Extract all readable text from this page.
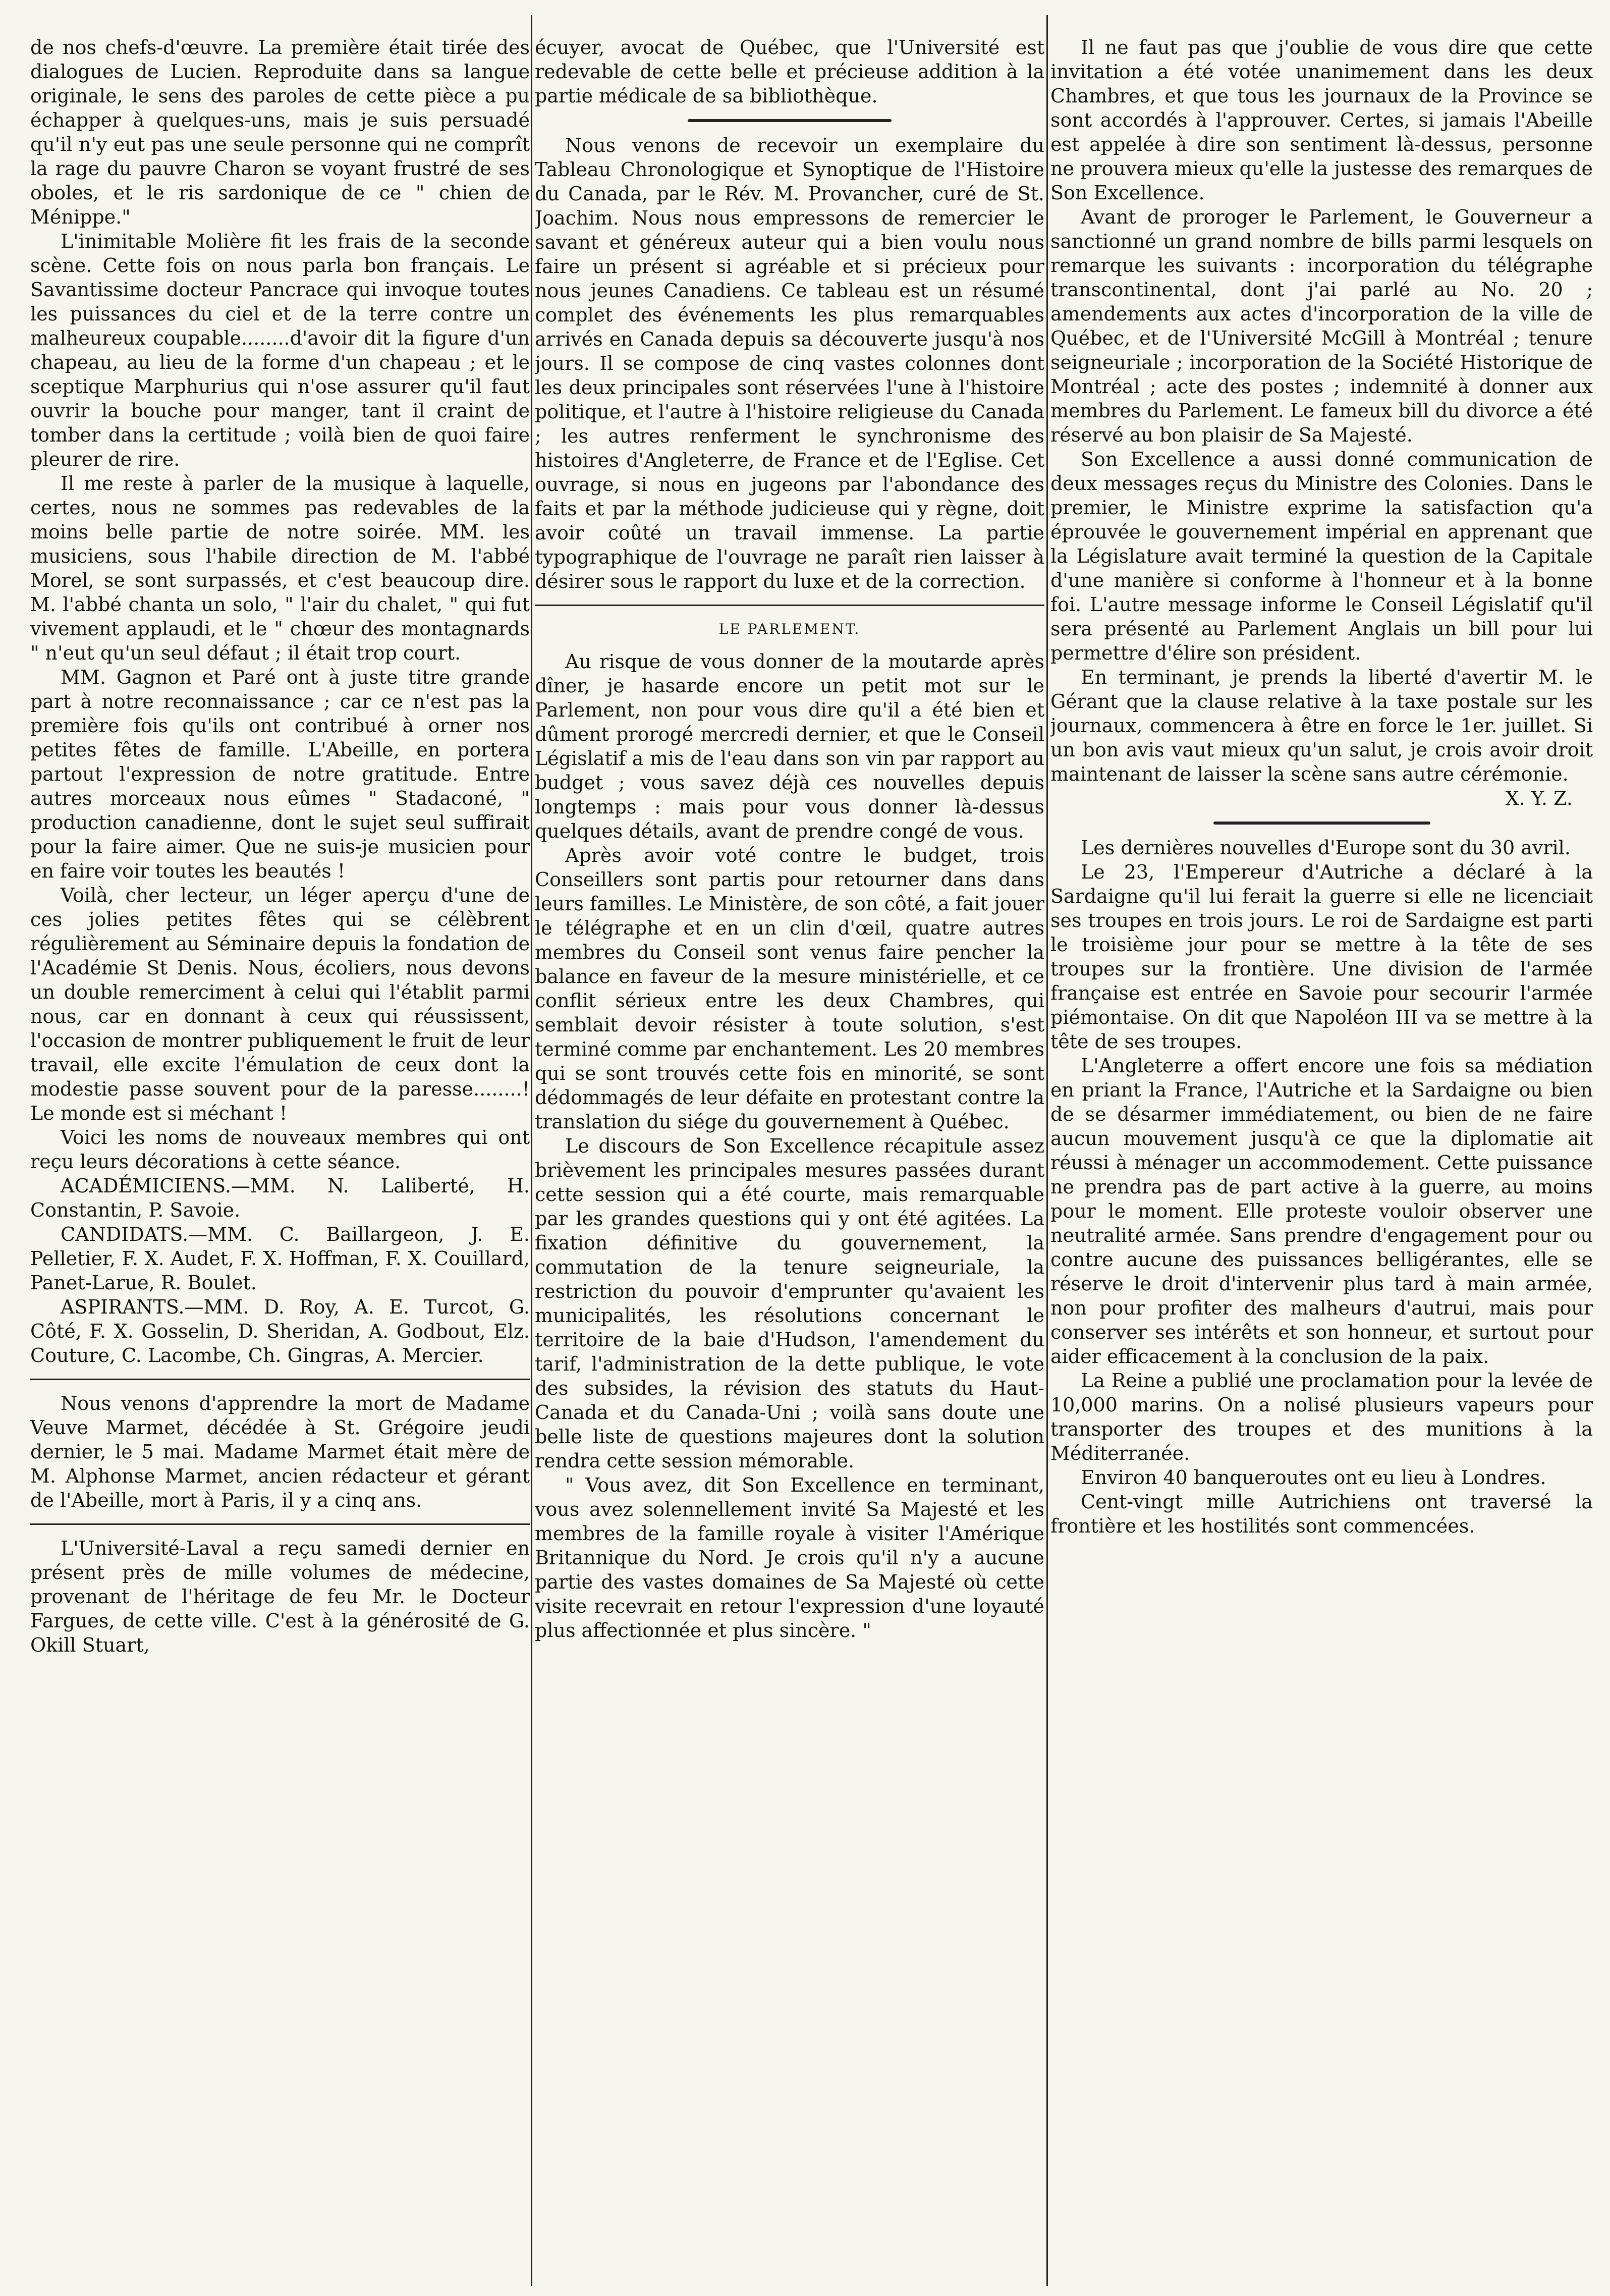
de nos chefs-d'œuvre. La première était tirée des dialogues de Lucien. Reproduite dans sa langue originale, le sens des paroles de cette pièce a pu échapper à quelques-uns, mais je suis persuadé qu'il n'y eut pas une seule personne qui ne comprît la rage du pauvre Charon se voyant frustré de ses oboles, et le ris sardonique de ce " chien de Ménippe."

L'inimitable Molière fit les frais de la seconde scène. Cette fois on nous parla bon français. Le Savantissime docteur Pancrace qui invoque toutes les puissances du ciel et de la terre contre un malheureux coupable........d'avoir dit la figure d'un chapeau, au lieu de la forme d'un chapeau ; et le sceptique Marphurius qui n'ose assurer qu'il faut ouvrir la bouche pour manger, tant il craint de tomber dans la certitude ; voilà bien de quoi faire pleurer de rire.

Il me reste à parler de la musique à laquelle, certes, nous ne sommes pas redevables de la moins belle partie de notre soirée. MM. les musiciens, sous l'habile direction de M. l'abbé Morel, se sont surpassés, et c'est beaucoup dire. M. l'abbé chanta un solo, " l'air du chalet, " qui fut vivement applaudi, et le " chœur des montagnards " n'eut qu'un seul défaut ; il était trop court.

MM. Gagnon et Paré ont à juste titre grande part à notre reconnaissance ; car ce n'est pas la première fois qu'ils ont contribué à orner nos petites fêtes de famille. L'Abeille, en portera partout l'expression de notre gratitude. Entre autres morceaux nous eûmes " Stadaconé, " production canadienne, dont le sujet seul suffirait pour la faire aimer. Que ne suis-je musicien pour en faire voir toutes les beautés !

Voilà, cher lecteur, un léger aperçu d'une de ces jolies petites fêtes qui se célèbrent régulièrement au Séminaire depuis la fondation de l'Académie St Denis. Nous, écoliers, nous devons un double remerciment à celui qui l'établit parmi nous, car en donnant à ceux qui réussissent, l'occasion de montrer publiquement le fruit de leur travail, elle excite l'émulation de ceux dont la modestie passe souvent pour de la paresse........! Le monde est si méchant !

Voici les noms de nouveaux membres qui ont reçu leurs décorations à cette séance.

ACADÉMICIENS.—MM. N. Laliberté, H. Constantin, P. Savoie.

CANDIDATS.—MM. C. Baillargeon, J. E. Pelletier, F. X. Audet, F. X. Hoffman, F. X. Couillard, Panet-Larue, R. Boulet.

ASPIRANTS.—MM. D. Roy, A. E. Turcot, G. Côté, F. X. Gosselin, D. Sheridan, A. Godbout, Elz. Couture, C. Lacombe, Ch. Gingras, A. Mercier.

Nous venons d'apprendre la mort de Madame Veuve Marmet, décédée à St. Grégoire jeudi dernier, le 5 mai. Madame Marmet était mère de M. Alphonse Marmet, ancien rédacteur et gérant de l'Abeille, mort à Paris, il y a cinq ans.

L'Université-Laval a reçu samedi dernier en présent près de mille volumes de médecine, provenant de l'héritage de feu Mr. le Docteur Fargues, de cette ville. C'est à la générosité de G. Okill Stuart,

écuyer, avocat de Québec, que l'Université est redevable de cette belle et précieuse addition à la partie médicale de sa bibliothèque.

Nous venons de recevoir un exemplaire du Tableau Chronologique et Synoptique de l'Histoire du Canada, par le Rév. M. Provancher, curé de St. Joachim. Nous nous empressons de remercier le savant et généreux auteur qui a bien voulu nous faire un présent si agréable et si précieux pour nous jeunes Canadiens. Ce tableau est un résumé complet des événements les plus remarquables arrivés en Canada depuis sa découverte jusqu'à nos jours. Il se compose de cinq vastes colonnes dont les deux principales sont réservées l'une à l'histoire politique, et l'autre à l'histoire religieuse du Canada ; les autres renferment le synchronisme des histoires d'Angleterre, de France et de l'Eglise. Cet ouvrage, si nous en jugeons par l'abondance des faits et par la méthode judicieuse qui y règne, doit avoir coûté un travail immense. La partie typographique de l'ouvrage ne paraît rien laisser à désirer sous le rapport du luxe et de la correction.

LE PARLEMENT.

Au risque de vous donner de la moutarde après dîner, je hasarde encore un petit mot sur le Parlement, non pour vous dire qu'il a été bien et dûment prorogé mercredi dernier, et que le Conseil Législatif a mis de l'eau dans son vin par rapport au budget ; vous savez déjà ces nouvelles depuis longtemps : mais pour vous donner là-dessus quelques détails, avant de prendre congé de vous.

Après avoir voté contre le budget, trois Conseillers sont partis pour retourner dans dans leurs familles. Le Ministère, de son côté, a fait jouer le télégraphe et en un clin d'œil, quatre autres membres du Conseil sont venus faire pencher la balance en faveur de la mesure ministérielle, et ce conflit sérieux entre les deux Chambres, qui semblait devoir résister à toute solution, s'est terminé comme par enchantement. Les 20 membres qui se sont trouvés cette fois en minorité, se sont dédommagés de leur défaite en protestant contre la translation du siége du gouvernement à Québec.

Le discours de Son Excellence récapitule assez brièvement les principales mesures passées durant cette session qui a été courte, mais remarquable par les grandes questions qui y ont été agitées. La fixation définitive du gouvernement, la commutation de la tenure seigneuriale, la restriction du pouvoir d'emprunter qu'avaient les municipalités, les résolutions concernant le territoire de la baie d'Hudson, l'amendement du tarif, l'administration de la dette publique, le vote des subsides, la révision des statuts du Haut-Canada et du Canada-Uni ; voilà sans doute une belle liste de questions majeures dont la solution rendra cette session mémorable.

" Vous avez, dit Son Excellence en terminant, vous avez solennellement invité Sa Majesté et les membres de la famille royale à visiter l'Amérique Britannique du Nord. Je crois qu'il n'y a aucune partie des vastes domaines de Sa Majesté où cette visite recevrait en retour l'expression d'une loyauté plus affectionnée et plus sincère. "

Il ne faut pas que j'oublie de vous dire que cette invitation a été votée unanimement dans les deux Chambres, et que tous les journaux de la Province se sont accordés à l'approuver. Certes, si jamais l'Abeille est appelée à dire son sentiment là-dessus, personne ne prouvera mieux qu'elle la justesse des remarques de Son Excellence.

Avant de proroger le Parlement, le Gouverneur a sanctionné un grand nombre de bills parmi lesquels on remarque les suivants : incorporation du télégraphe transcontinental, dont j'ai parlé au No. 20 ; amendements aux actes d'incorporation de la ville de Québec, et de l'Université McGill à Montréal ; tenure seigneuriale ; incorporation de la Société Historique de Montréal ; acte des postes ; indemnité à donner aux membres du Parlement. Le fameux bill du divorce a été réservé au bon plaisir de Sa Majesté.

Son Excellence a aussi donné communication de deux messages reçus du Ministre des Colonies. Dans le premier, le Ministre exprime la satisfaction qu'a éprouvée le gouvernement impérial en apprenant que la Législature avait terminé la question de la Capitale d'une manière si conforme à l'honneur et à la bonne foi. L'autre message informe le Conseil Législatif qu'il sera présenté au Parlement Anglais un bill pour lui permettre d'élire son président.

En terminant, je prends la liberté d'avertir M. le Gérant que la clause relative à la taxe postale sur les journaux, commencera à être en force le 1er. juillet. Si un bon avis vaut mieux qu'un salut, je crois avoir droit maintenant de laisser la scène sans autre cérémonie.

X. Y. Z.

Les dernières nouvelles d'Europe sont du 30 avril.

Le 23, l'Empereur d'Autriche a déclaré à la Sardaigne qu'il lui ferait la guerre si elle ne licenciait ses troupes en trois jours. Le roi de Sardaigne est parti le troisième jour pour se mettre à la tête de ses troupes sur la frontière. Une division de l'armée française est entrée en Savoie pour secourir l'armée piémontaise. On dit que Napoléon III va se mettre à la tête de ses troupes.

L'Angleterre a offert encore une fois sa médiation en priant la France, l'Autriche et la Sardaigne ou bien de se désarmer immédiatement, ou bien de ne faire aucun mouvement jusqu'à ce que la diplomatie ait réussi à ménager un accommodement. Cette puissance ne prendra pas de part active à la guerre, au moins pour le moment. Elle proteste vouloir observer une neutralité armée. Sans prendre d'engagement pour ou contre aucune des puissances belligérantes, elle se réserve le droit d'intervenir plus tard à main armée, non pour profiter des malheurs d'autrui, mais pour conserver ses intérêts et son honneur, et surtout pour aider efficacement à la conclusion de la paix.

La Reine a publié une proclamation pour la levée de 10,000 marins. On a nolisé plusieurs vapeurs pour transporter des troupes et des munitions à la Méditerranée.

Environ 40 banqueroutes ont eu lieu à Londres.

Cent-vingt mille Autrichiens ont traversé la frontière et les hostilités sont commencées.
